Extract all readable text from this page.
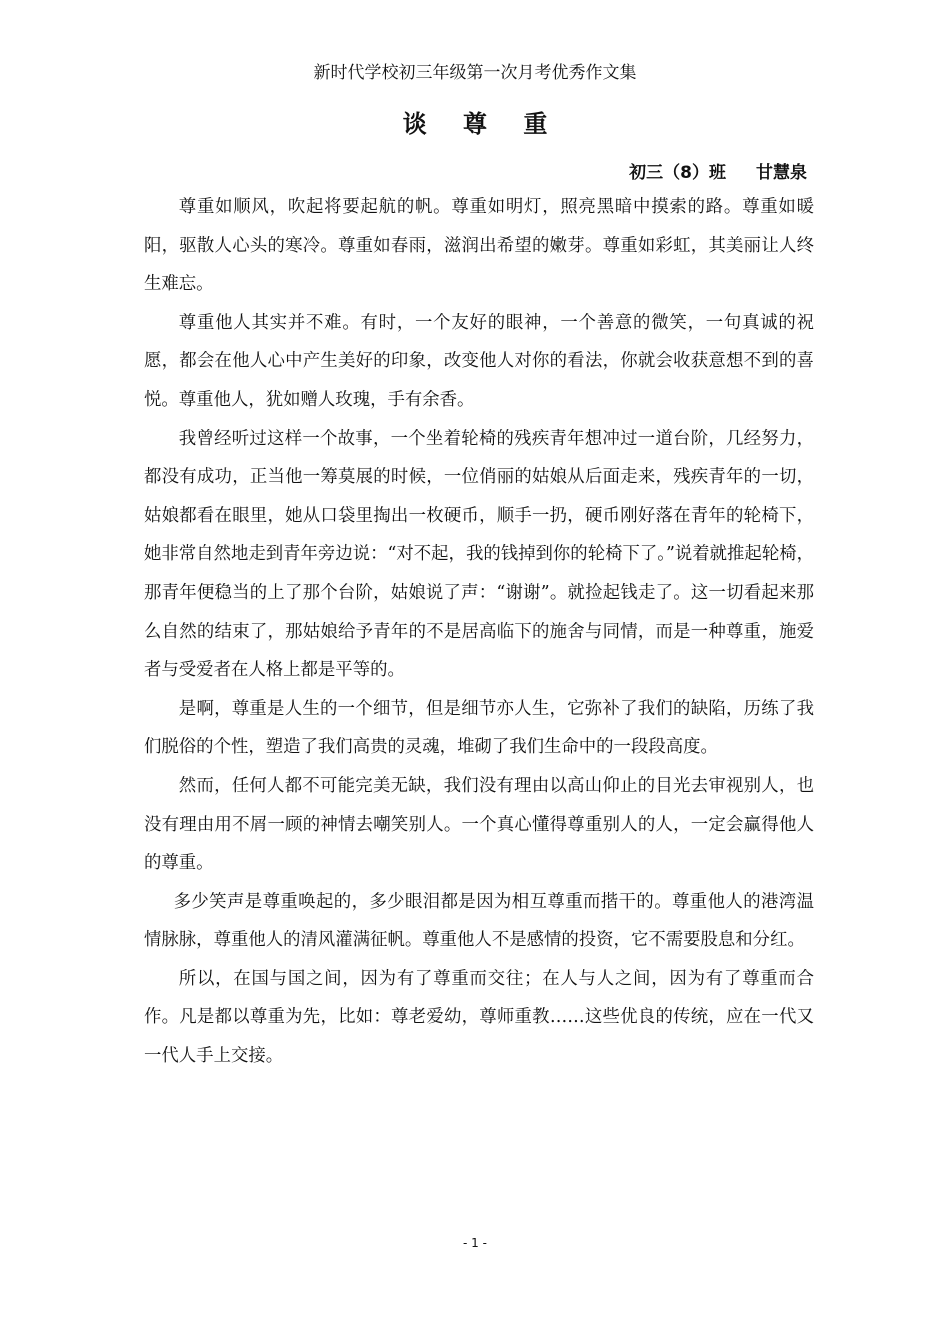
新时代学校初三年级第一次月考优秀作文集
谈 尊 重
初三（8）班 甘慧泉

尊重如顺风，吹起将要起航的帆。尊重如明灯，照亮黑暗中摸索的路。尊重如暖阳，驱散人心头的寒冷。尊重如春雨，滋润出希望的嫩芽。尊重如彩虹，其美丽让人终生难忘。

尊重他人其实并不难。有时，一个友好的眼神，一个善意的微笑，一句真诚的祝愿，都会在他人心中产生美好的印象，改变他人对你的看法，你就会收获意想不到的喜悦。尊重他人，犹如赠人玫瑰，手有余香。

我曾经听过这样一个故事，一个坐着轮椅的残疾青年想冲过一道台阶，几经努力，都没有成功，正当他一筹莫展的时候，一位俏丽的姑娘从后面走来，残疾青年的一切，姑娘都看在眼里，她从口袋里掏出一枚硬币，顺手一扔，硬币刚好落在青年的轮椅下，她非常自然地走到青年旁边说：“对不起，我的钱掉到你的轮椅下了。”说着就推起轮椅，那青年便稳当的上了那个台阶，姑娘说了声：“谢谢”。就捡起钱走了。这一切看起来那么自然的结束了，那姑娘给予青年的不是居高临下的施舍与同情，而是一种尊重，施爱者与受爱者在人格上都是平等的。

是啊，尊重是人生的一个细节，但是细节亦人生，它弥补了我们的缺陷，历练了我们脱俗的个性，塑造了我们高贵的灵魂，堆砌了我们生命中的一段段高度。

然而，任何人都不可能完美无缺，我们没有理由以高山仰止的目光去审视别人，也没有理由用不屑一顾的神情去嘲笑别人。一个真心懂得尊重别人的人，一定会赢得他人的尊重。

多少笑声是尊重唤起的，多少眼泪都是因为相互尊重而揩干的。尊重他人的港湾温情脉脉，尊重他人的清风灌满征帆。尊重他人不是感情的投资，它不需要股息和分红。

所以，在国与国之间，因为有了尊重而交往；在人与人之间，因为有了尊重而合作。凡是都以尊重为先，比如：尊老爱幼，尊师重教……这些优良的传统，应在一代又一代人手上交接。

- 1 -
